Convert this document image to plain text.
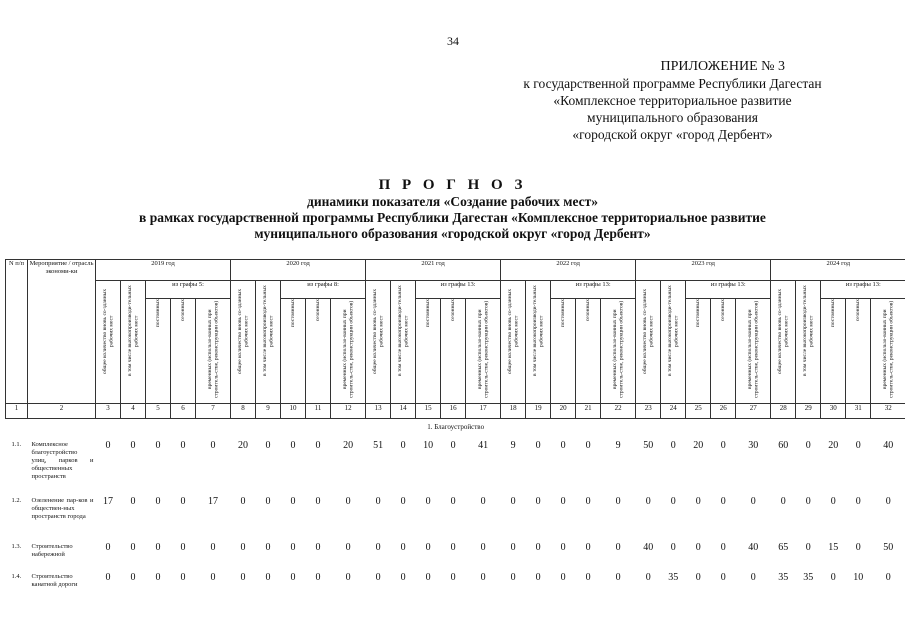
34
ПРИЛОЖЕНИЕ № 3
к государственной программе Республики Дагестан
«Комплексное территориальное развитие
муниципального образования
«городской округ «город Дербент»
П Р О Г Н О З
динамики показателя «Создание рабочих мест»
в рамках государственной программы Республики Дагестан «Комплексное территориальное развитие
муниципального образования «городской округ «город Дербент»
N п/п	Мероприятие / отрасль экономи-ки	2019 год					2020 год					2021 год					2022 год					2023 год					2024 год				
		общее количество вновь со-зданных рабочих мест	в том числе высокопроизводи-тельных рабочих мест	из графы 5:			общее количество вновь со-зданных рабочих мест	в том числе высокопроизводи-тельных рабочих мест	из графы 8:			общее количество вновь со-зданных рабочих мест	в том числе высокопроизводи-тельных рабочих мест	из графы 13:			общее количество вновь со-зданных рабочих мест	в том числе высокопроизводи-тельных рабочих мест	из графы 13:			общее количество вновь со-зданных рабочих мест	в том числе высокопроизводи-тельных рабочих мест	из графы 13:			общее количество вновь со-зданных рабочих мест	в том числе высокопроизводи-тельных рабочих мест	из графы 13:		
				постоянных	сезонных	временных (использо-ванных при строитель-стве, реконструкции объектов)			постоянных	сезонных	временных (использо-ванных при строитель-стве, реконструкции объектов)			постоянных	сезонных	временных (использо-ванных при строитель-стве, реконструкции объектов)			постоянных	сезонных	временных (использо-ванных при строитель-стве, реконструкции объектов)			постоянных	сезонных	временных (использо-ванных при строитель-стве, реконструкции объектов)			постоянных	сезонных	временных (использо-ванных при строитель-стве, реконструкции объектов)
1	2	3	4	5	6	7	8	9	10	11	12	13	14	15	16	17	18	19	20	21	22	23	24	25	26	27	28	29	30	31	32
1. Благоустройство																															
1.1.	Комплексное благоустройство улиц, парков и общественных пространств	0	0	0	0	0	20	0	0	0	20	51	0	10	0	41	9	0	0	0	9	50	0	20	0	30	60	0	20	0	40
1.2.	Озеленение пар-ков и обществен-ных пространств города	17	0	0	0	17	0	0	0	0	0	0	0	0	0	0	0	0	0	0	0	0	0	0	0	0	0	0	0	0	0
1.3.	Строительство набережной	0	0	0	0	0	0	0	0	0	0	0	0	0	0	0	0	0	0	0	0	40	0	0	0	40	65	0	15	0	50
1.4.	Строительство канатной дороги	0	0	0	0	0	0	0	0	0	0	0	0	0	0	0	0	0	0	0	0	0	35	0	0	0	35	35	0	10	0
